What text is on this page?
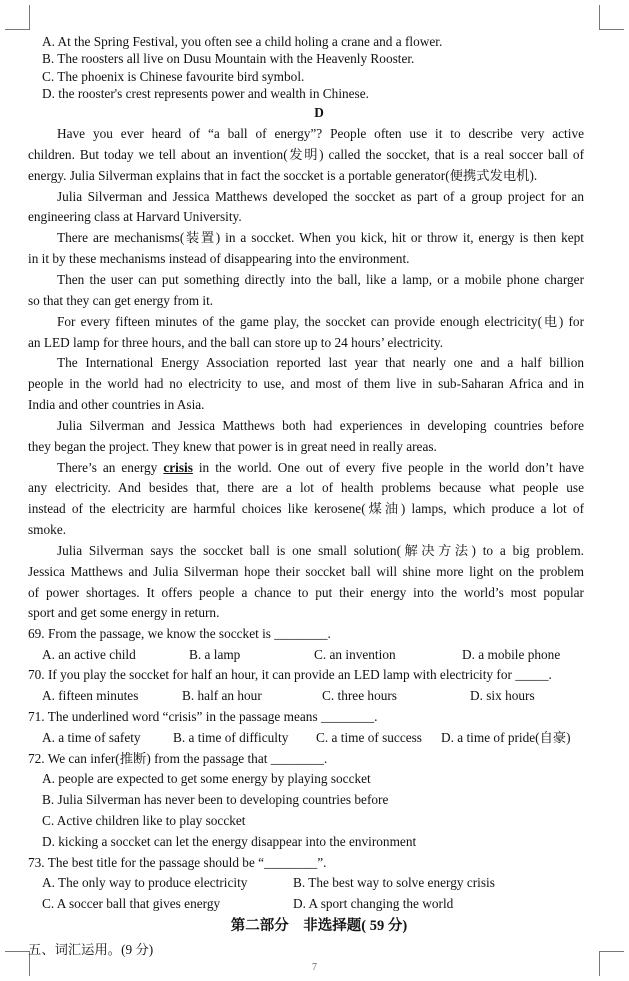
A. At the Spring Festival, you often see a child holing a crane and a flower.
B. The roosters all live on Dusu Mountain with the Heavenly Rooster.
C. The phoenix is Chinese favourite bird symbol.
D. the rooster's crest represents power and wealth in Chinese.
D
Have you ever heard of “a ball of energy”? People often use it to describe very active
children. But today we tell about an invention(发明) called the soccket, that is a real soccer ball of
energy. Julia Silverman explains that in fact the soccket is a portable generator(便携式发电机).
Julia Silverman and Jessica Matthews developed the soccket as part of a group project for an
engineering class at Harvard University.
There are mechanisms(装置) in a soccket. When you kick, hit or throw it, energy is then kept
in it by these mechanisms instead of disappearing into the environment.
Then the user can put something directly into the ball, like a lamp, or a mobile phone charger
so that they can get energy from it.
For every fifteen minutes of the game play, the soccket can provide enough electricity(电) for
an LED lamp for three hours, and the ball can store up to 24 hours’ electricity.
The International Energy Association reported last year that nearly one and a half billion
people in the world had no electricity to use, and most of them live in sub-Saharan Africa and in
India and other countries in Asia.
Julia Silverman and Jessica Matthews both had experiences in developing countries before
they began the project. They knew that power is in great need in really areas.
There’s an energy crisis in the world. One out of every five people in the world don’t have
any electricity. And besides that, there are a lot of health problems because what people use
instead of the electricity are harmful choices like kerosene(煤油) lamps, which produce a lot of
smoke.
Julia Silverman says the soccket ball is one small solution(解决方法) to a big problem.
Jessica Matthews and Julia Silverman hope their soccket ball will shine more light on the problem
of power shortages. It offers people a chance to put their energy into the world’s most popular
sport and get some energy in return.
69. From the passage, we know the soccket is ________.
A. an active child	B. a lamp	C. an invention	D. a mobile phone
70. If you play the soccket for half an hour, it can provide an LED lamp with electricity for _____.
A. fifteen minutes	B. half an hour	C. three hours	D. six hours
71. The underlined word “crisis” in the passage means ________.
A. a time of safety	B. a time of difficulty	C. a time of success	D. a time of pride(自豪)
72. We can infer(推断) from the passage that ________.
A. people are expected to get some energy by playing soccket
B. Julia Silverman has never been to developing countries before
C. Active children like to play soccket
D. kicking a soccket can let the energy disappear into the environment
73. The best title for the passage should be “________”.
A. The only way to produce electricity	B. The best way to solve energy crisis
C. A soccer ball that gives energy	D. A sport changing the world
第二部分　非选择题( 59 分)
五、词汇运用。(9 分)
7
